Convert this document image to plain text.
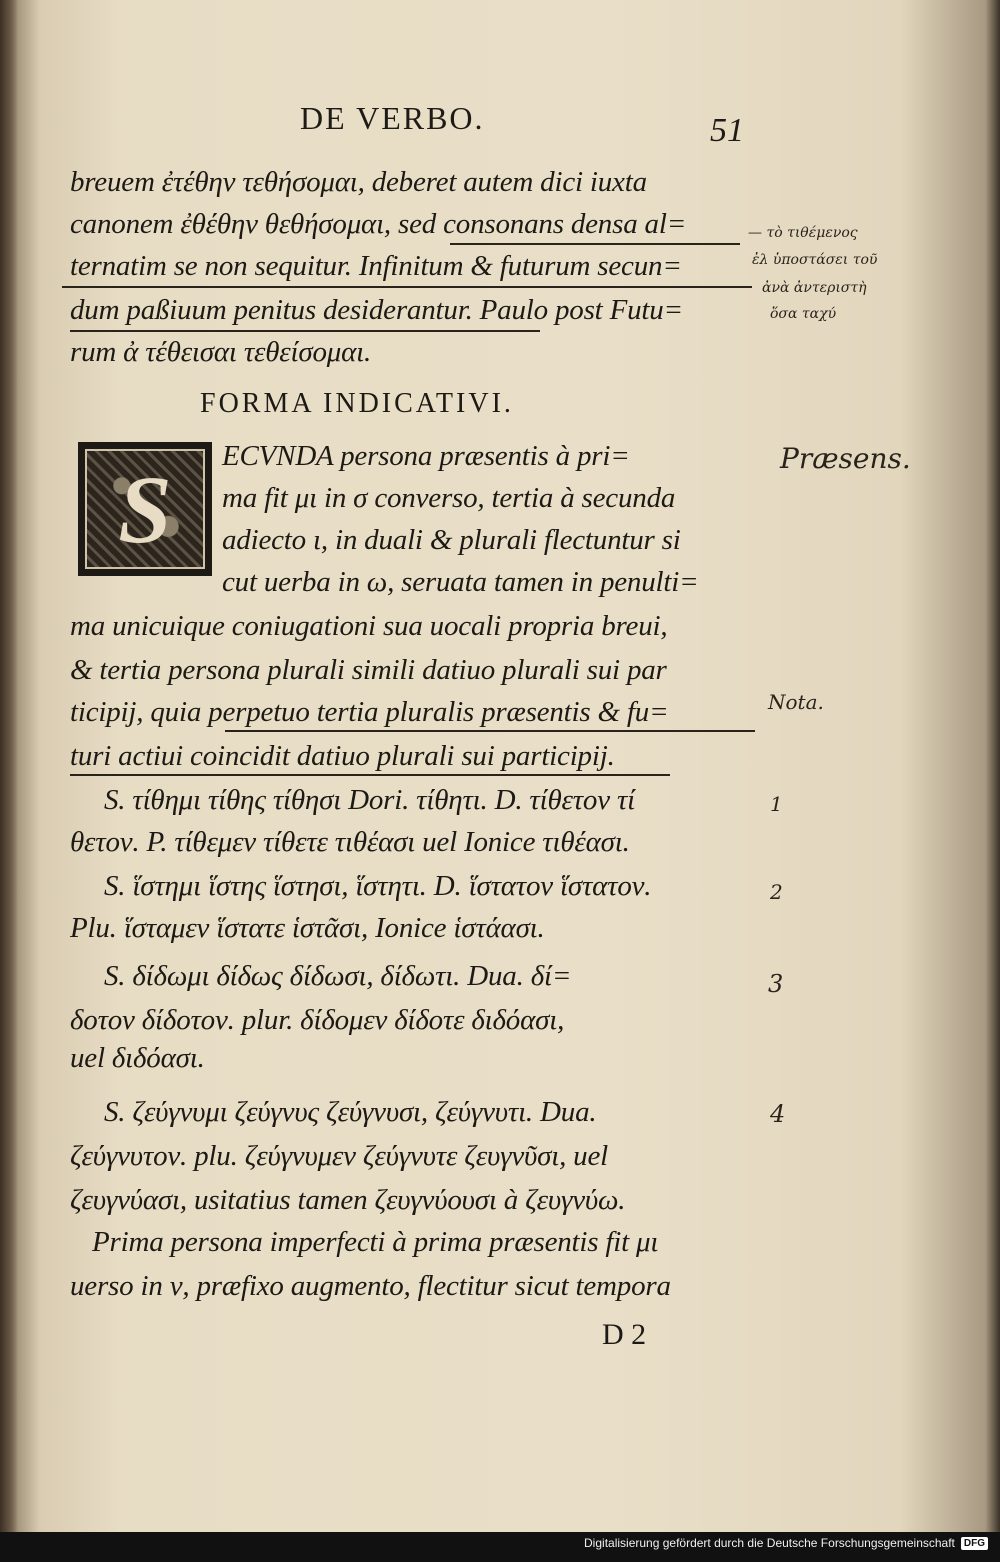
DE VERBO.	51
breuem ἐτέθην τεθήσομαι, deberet autem dici iuxta
canonem ἐθέθην θεθήσομαι, sed consonans densa al=
ternatim se non sequitur. Infinitum & futurum secun=
dum paßiuum penitus desiderantur. Paulo post Futu=
rum ἀ τέθεισαι τεθείσομαι.
FORMA INDICATIVI.
S	ECVNDA persona præsentis à pri=
ma fit μι in σ converso, tertia à secunda
adiecto ι, in duali & plurali flectuntur si
cut uerba in ω, seruata tamen in penulti=
ma unicuique coniugationi sua uocali propria breui,
& tertia persona plurali simili datiuo plurali sui par
ticipij, quia perpetuo tertia pluralis præsentis & fu=
turi actiui coincidit datiuo plurali sui participij.
S. τίθημι τίθης τίθησι Dori. τίθητι. D. τίθετον τί
θετον. P. τίθεμεν τίθετε τιθέασι uel Ionice τιθέασι.
S. ἵστημι ἵστης ἵστησι, ἵστητι. D. ἵστατον ἵστατον.
Plu. ἵσταμεν ἵστατε ἱστᾶσι, Ionice ἱστάασι.
S. δίδωμι δίδως δίδωσι, δίδωτι. Dua. δί=
δοτον δίδοτον. plur. δίδομεν δίδοτε διδόασι,
uel διδόασι.
S. ζεύγνυμι ζεύγνυς ζεύγνυσι, ζεύγνυτι. Dua.
ζεύγνυτον. plu. ζεύγνυμεν ζεύγνυτε ζευγνῦσι, uel
ζευγνύασι, usitatius tamen ζευγνύουσι à ζευγνύω.
Prima persona imperfecti à prima præsentis fit μι
uerso in ν, præfixo augmento, flectitur sicut tempora
D 2
— τὸ τιθέμενος
ἐλ ὑποστάσει τοῦ
ἀνὰ ἀντεριστὴ
ὅσα ταχύ
Præsens.
Nota.
1
2
3
4
Digitalisierung gefördert durch die Deutsche Forschungsgemeinschaft DFG
